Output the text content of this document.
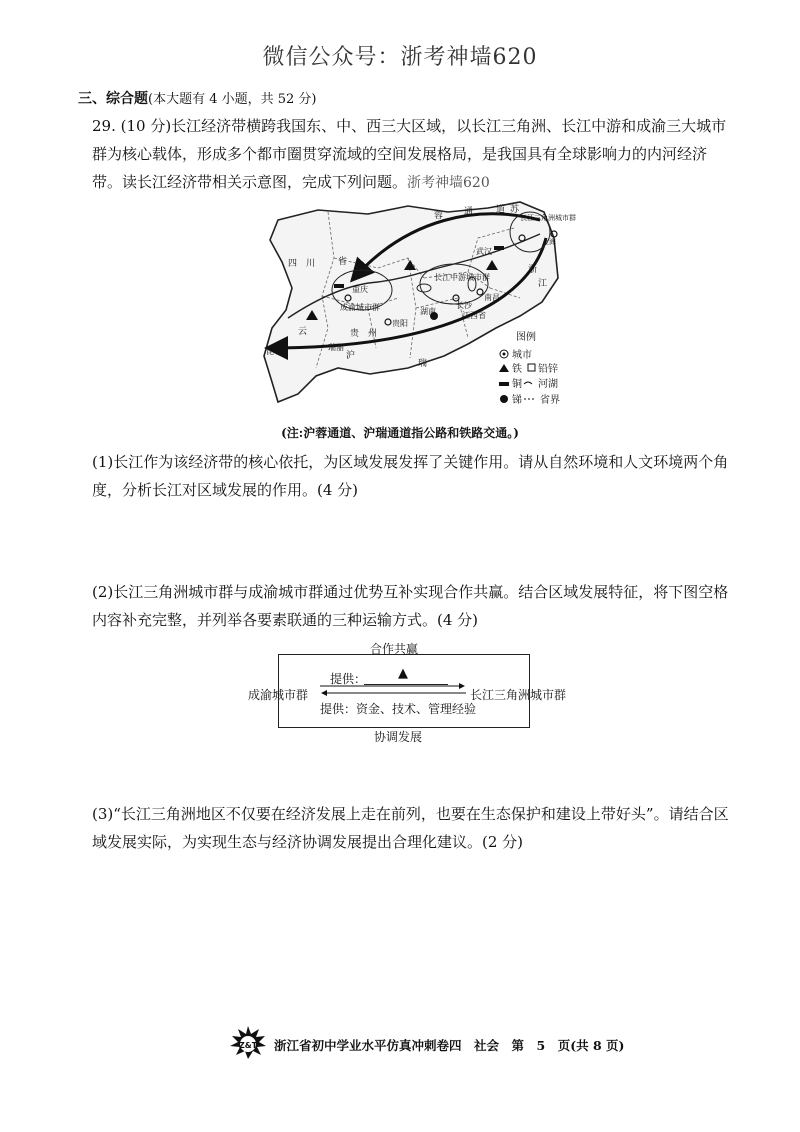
微信公众号：浙考神墙620
三、综合题(本大题有 4 小题，共 52 分)
29. (10 分)长江经济带横跨我国东、中、西三大区域，以长江三角洲、长江中游和成渝三大城市群为核心载体，形成多个都市圈贯穿流域的空间发展格局，是我国具有全球影响力的内河经济带。读长江经济带相关示意图，完成下列问题。浙考神墙620
蓉 通	道
四　川	省
成渝城市群
重庆
贵　州
贵阳
云
昆明	瑞丽
沪
瑞
长江中游城市群
武汉
长沙
湖南	江西省
南昌
苏
长江三角洲城市群
上海
浙
江
图例
城市
铁 铅锌
铜 河湖
锑 省界
(注:沪蓉通道、沪瑞通道指公路和铁路交通。)
(1)长江作为该经济带的核心依托，为区域发展发挥了关键作用。请从自然环境和人文环境两个角度，分析长江对区域发展的作用。(4 分)
(2)长江三角洲城市群与成渝城市群通过优势互补实现合作共赢。结合区域发展特征，将下图空格内容补充完整，并列举各要素联通的三种运输方式。(4 分)
合作共赢
提供： ▲
成渝城市群	长江三角洲城市群
提供：资金、技术、管理经验
协调发展
(3)“长江三角洲地区不仅要在经济发展上走在前列，也要在生态保护和建设上带好头”。请结合区域发展实际，为实现生态与经济协调发展提出合理化建议。(2 分)
Z&T 浙江省初中学业水平仿真冲刺卷四　社会　第　5　页(共 8 页)
